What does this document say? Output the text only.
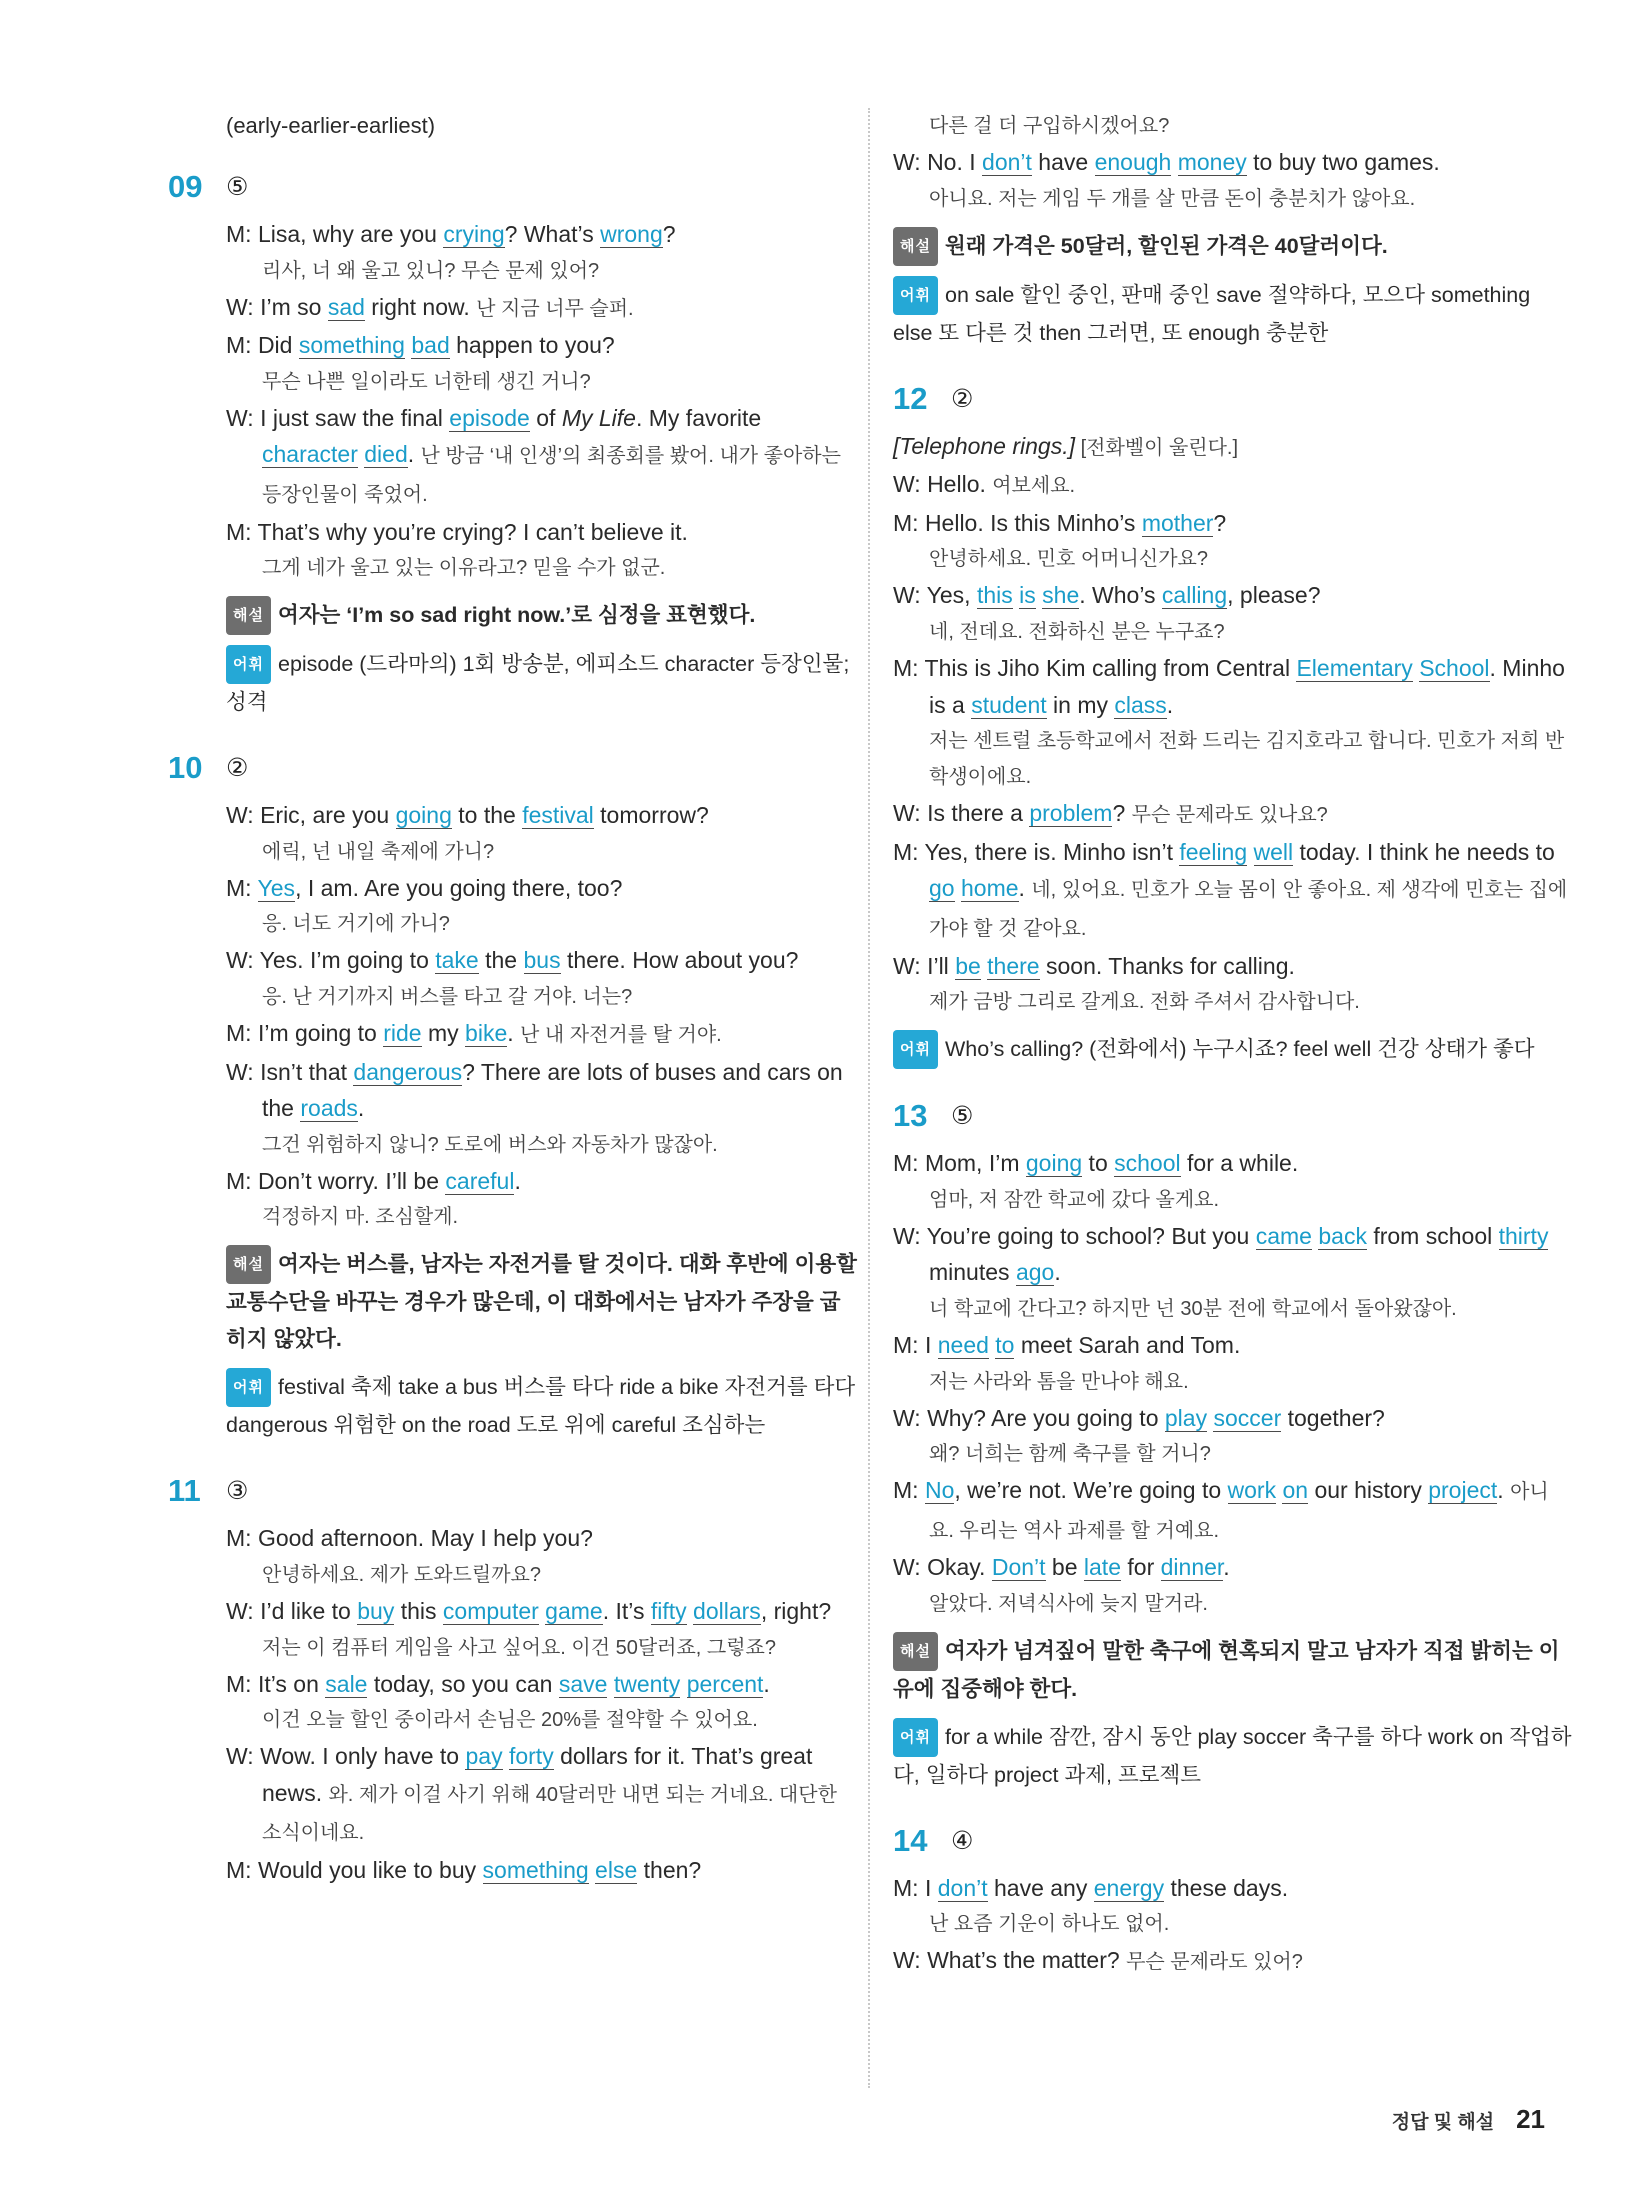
(early-earlier-earliest)
09 ⑤
M: Lisa, why are you crying? What’s wrong?
리사, 너 왜 울고 있니? 무슨 문제 있어?
W: I’m so sad right now. 난 지금 너무 슬퍼.
M: Did something bad happen to you?
무슨 나쁜 일이라도 너한테 생긴 거니?
W: I just saw the final episode of My Life. My favorite character died. 난 방금 ‘내 인생’의 최종회를 봤어. 내가 좋아하는 등장인물이 죽었어.
M: That’s why you’re crying? I can’t believe it.
그게 네가 울고 있는 이유라고? 믿을 수가 없군.
해설 여자는 ‘I’m so sad right now.’로 심정을 표현했다.
어휘 episode (드라마의) 1회 방송분, 에피소드 character 등장인물; 성격
10 ②
W: Eric, are you going to the festival tomorrow?
에릭, 넌 내일 축제에 가니?
M: Yes, I am. Are you going there, too?
응. 너도 거기에 가니?
W: Yes. I’m going to take the bus there. How about you?
응. 난 거기까지 버스를 타고 갈 거야. 너는?
M: I’m going to ride my bike. 난 내 자전거를 탈 거야.
W: Isn’t that dangerous? There are lots of buses and cars on the roads.
그건 위험하지 않니? 도로에 버스와 자동차가 많잖아.
M: Don’t worry. I’ll be careful.
걱정하지 마. 조심할게.
해설 여자는 버스를, 남자는 자전거를 탈 것이다. 대화 후반에 이용할 교통수단을 바꾸는 경우가 많은데, 이 대화에서는 남자가 주장을 굽히지 않았다.
어휘 festival 축제 take a bus 버스를 타다 ride a bike 자전거를 타다 dangerous 위험한 on the road 도로 위에 careful 조심하는
11	③
M: Good afternoon. May I help you?
안녕하세요. 제가 도와드릴까요?
W: I’d like to buy this computer game. It’s fifty dollars, right?
저는 이 컴퓨터 게임을 사고 싶어요. 이건 50달러죠, 그렇죠?
M: It’s on sale today, so you can save twenty percent.
이건 오늘 할인 중이라서 손님은 20%를 절약할 수 있어요.
W: Wow. I only have to pay forty dollars for it. That’s great news. 와. 제가 이걸 사기 위해 40달러만 내면 되는 거네요. 대단한 소식이네요.
M: Would you like to buy something else then?
다른 걸 더 구입하시겠어요?
W: No. I don’t have enough money to buy two games.
아니요. 저는 게임 두 개를 살 만큼 돈이 충분치가 않아요.
해설 원래 가격은 50달러, 할인된 가격은 40달러이다.
어휘 on sale 할인 중인, 판매 중인 save 절약하다, 모으다 something else 또 다른 것 then 그러면, 또 enough 충분한
12 ②
[Telephone rings.] [전화벨이 울린다.]
W: Hello. 여보세요.
M: Hello. Is this Minho’s mother?
안녕하세요. 민호 어머니신가요?
W: Yes, this is she. Who’s calling, please?
네, 전데요. 전화하신 분은 누구죠?
M: This is Jiho Kim calling from Central Elementary School. Minho is a student in my class.
저는 센트럴 초등학교에서 전화 드리는 김지호라고 합니다. 민호가 저희 반 학생이에요.
W: Is there a problem? 무슨 문제라도 있나요?
M: Yes, there is. Minho isn’t feeling well today. I think he needs to go home. 네, 있어요. 민호가 오늘 몸이 안 좋아요. 제 생각에 민호는 집에 가야 할 것 같아요.
W: I’ll be there soon. Thanks for calling.
제가 금방 그리로 갈게요. 전화 주셔서 감사합니다.
어휘 Who’s calling? (전화에서) 누구시죠? feel well 건강 상태가 좋다
13 ⑤
M: Mom, I’m going to school for a while.
엄마, 저 잠깐 학교에 갔다 올게요.
W: You’re going to school? But you came back from school thirty minutes ago.
너 학교에 간다고? 하지만 넌 30분 전에 학교에서 돌아왔잖아.
M: I need to meet Sarah and Tom.
저는 사라와 톰을 만나야 해요.
W: Why? Are you going to play soccer together?
왜? 너희는 함께 축구를 할 거니?
M: No, we’re not. We’re going to work on our history project. 아니요. 우리는 역사 과제를 할 거예요.
W: Okay. Don’t be late for dinner.
알았다. 저녁식사에 늦지 말거라.
해설 여자가 넘겨짚어 말한 축구에 현혹되지 말고 남자가 직접 밝히는 이유에 집중해야 한다.
어휘 for a while 잠깐, 잠시 동안 play soccer 축구를 하다 work on 작업하다, 일하다 project 과제, 프로젝트
14 ④
M: I don’t have any energy these days.
난 요즘 기운이 하나도 없어.
W: What’s the matter? 무슨 문제라도 있어?
정답 및 해설 21
